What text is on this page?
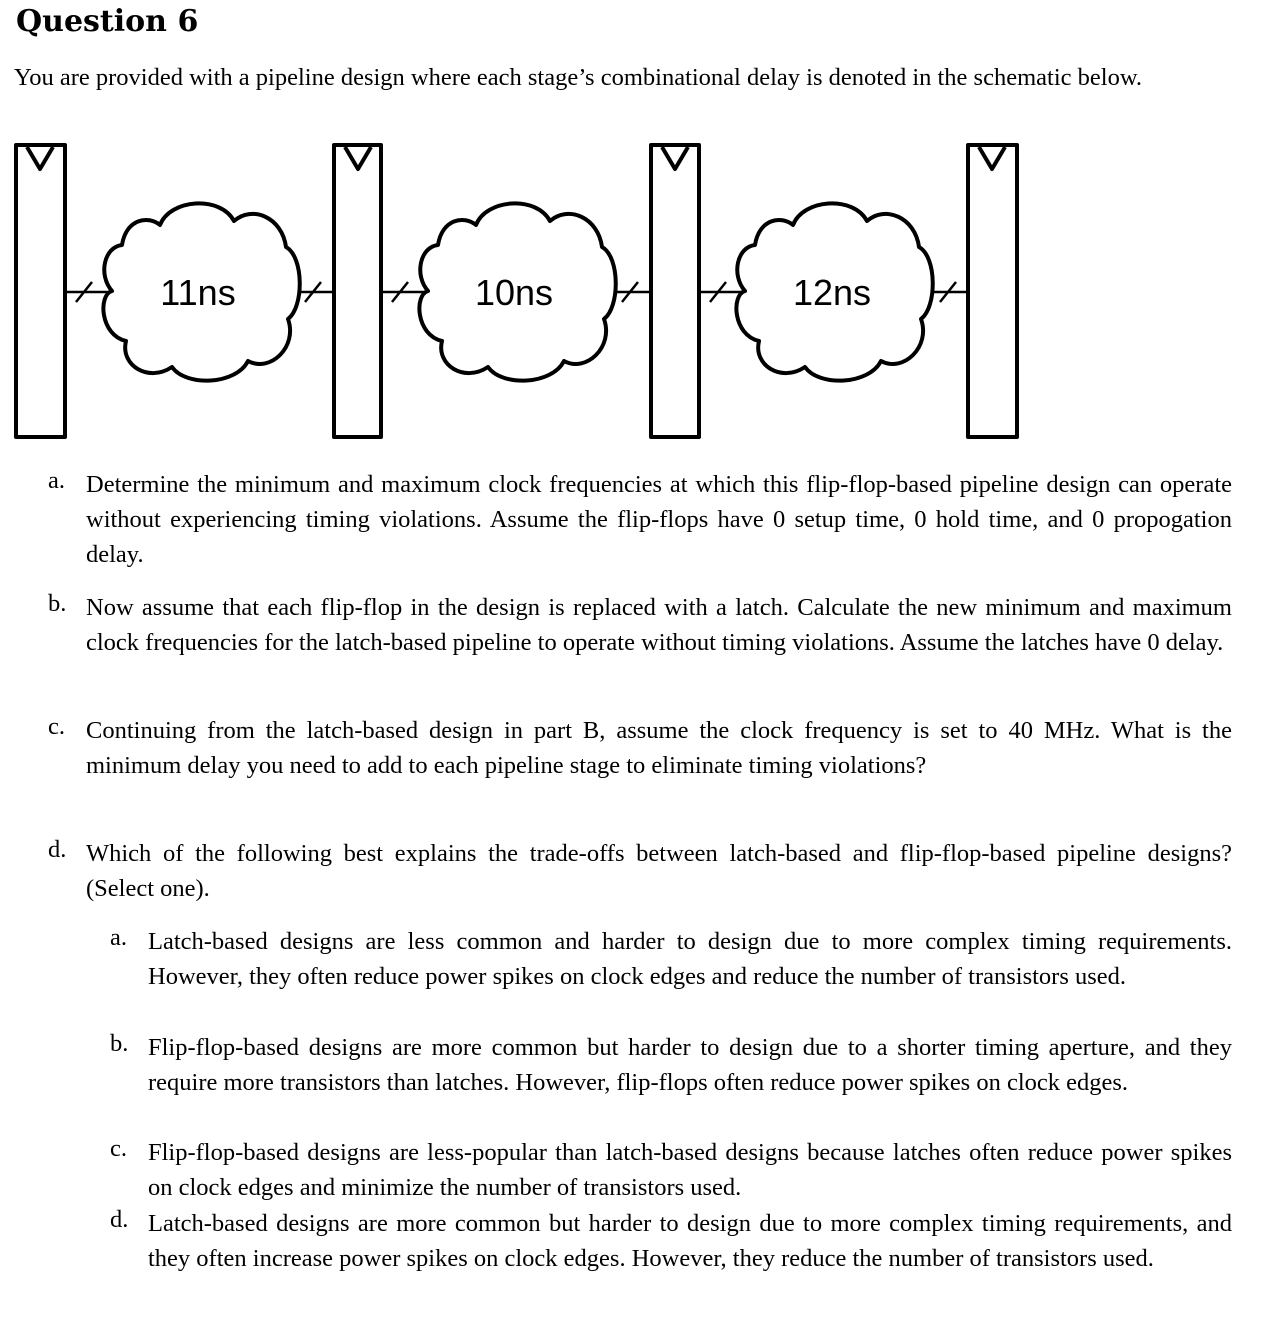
Question 6

You are provided with a pipeline design where each stage’s combinational delay is denoted in the schematic below.

11ns	10ns	12ns
a. Determine the minimum and maximum clock frequencies at which this flip-flop-based pipeline design can operate without experiencing timing violations. Assume the flip-flops have 0 setup time, 0 hold time, and 0 propogation delay.
b. Now assume that each flip-flop in the design is replaced with a latch. Calculate the new minimum and maximum clock frequencies for the latch-based pipeline to operate without timing violations. Assume the latches have 0 delay.
c. Continuing from the latch-based design in part B, assume the clock frequency is set to 40 MHz. What is the minimum delay you need to add to each pipeline stage to eliminate timing violations?
d. Which of the following best explains the trade-offs between latch-based and flip-flop-based pipeline designs? (Select one).
a. Latch-based designs are less common and harder to design due to more complex timing requirements. However, they often reduce power spikes on clock edges and reduce the number of transistors used.
b. Flip-flop-based designs are more common but harder to design due to a shorter timing aperture, and they require more transistors than latches. However, flip-flops often reduce power spikes on clock edges.
c. Flip-flop-based designs are less-popular than latch-based designs because latches often reduce power spikes on clock edges and minimize the number of transistors used.
d. Latch-based designs are more common but harder to design due to more complex timing requirements, and they often increase power spikes on clock edges. However, they reduce the number of transistors used.
